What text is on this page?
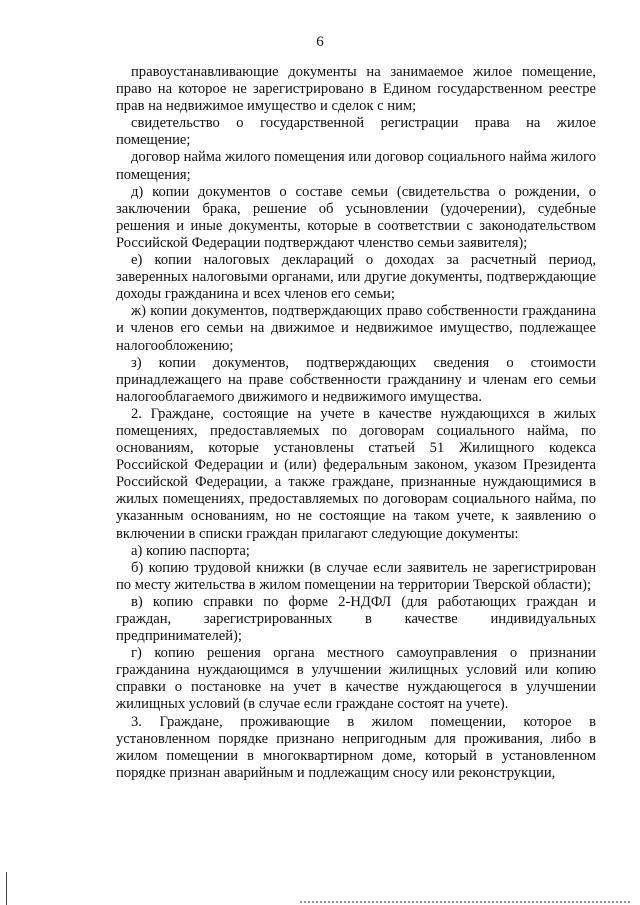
6

правоустанавливающие документы на занимаемое жилое помещение, право на которое не зарегистрировано в Едином государственном реестре прав на недвижимое имущество и сделок с ним;

свидетельство о государственной регистрации права на жилое помещение;

договор найма жилого помещения или договор социального найма жилого помещения;

д) копии документов о составе семьи (свидетельства о рождении, о заключении брака, решение об усыновлении (удочерении), судебные решения и иные документы, которые в соответствии с законодательством Российской Федерации подтверждают членство семьи заявителя);

е) копии налоговых деклараций о доходах за расчетный период, заверенных налоговыми органами, или другие документы, подтверждающие доходы гражданина и всех членов его семьи;

ж) копии документов, подтверждающих право собственности гражданина и членов его семьи на движимое и недвижимое имущество, подлежащее налогообложению;

з) копии документов, подтверждающих сведения о стоимости принадлежащего на праве собственности гражданину и членам его семьи налогооблагаемого движимого и недвижимого имущества.

2. Граждане, состоящие на учете в качестве нуждающихся в жилых помещениях, предоставляемых по договорам социального найма, по основаниям, которые установлены статьей 51 Жилищного кодекса Российской Федерации и (или) федеральным законом, указом Президента Российской Федерации, а также граждане, признанные нуждающимися в жилых помещениях, предоставляемых по договорам социального найма, по указанным основаниям, но не состоящие на таком учете, к заявлению о включении в списки граждан прилагают следующие документы:

а) копию паспорта;

б) копию трудовой книжки (в случае если заявитель не зарегистрирован по месту жительства в жилом помещении на территории Тверской области);

в) копию справки по форме 2-НДФЛ (для работающих граждан и граждан, зарегистрированных в качестве индивидуальных предпринимателей);

г) копию решения органа местного самоуправления о признании гражданина нуждающимся в улучшении жилищных условий или копию справки о постановке на учет в качестве нуждающегося в улучшении жилищных условий (в случае если граждане состоят на учете).

3. Граждане, проживающие в жилом помещении, которое в установленном порядке признано непригодным для проживания, либо в жилом помещении в многоквартирном доме, который в установленном порядке признан аварийным и подлежащим сносу или реконструкции,
